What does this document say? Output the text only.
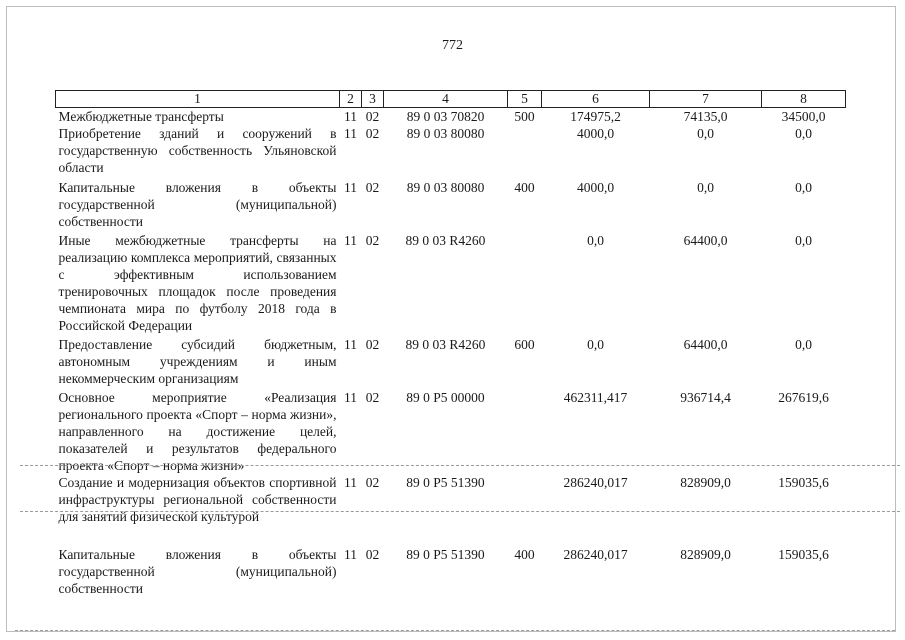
772
1	2	3	4	5	6	7	8
Межбюджетные трансферты	11	02	89 0 03 70820	500	174975,2	74135,0	34500,0
Приобретение зданий и сооружений в государственную собственность Ульяновской области	11	02	89 0 03 80080		4000,0	0,0	0,0
Капитальные вложения в объекты государственной (муниципальной) собственности	11	02	89 0 03 80080	400	4000,0	0,0	0,0
Иные межбюджетные трансферты на реализацию комплекса мероприятий, связанных с эффективным использованием тренировочных площадок после проведения чемпионата мира по футболу 2018 года в Российской Федерации	11	02	89 0 03 R4260		0,0	64400,0	0,0
Предоставление субсидий бюджетным, автономным учреждениям и иным некоммерческим организациям	11	02	89 0 03 R4260	600	0,0	64400,0	0,0
Основное мероприятие «Реализация регионального проекта «Спорт – норма жизни», направленного на достижение целей, показателей и результатов федерального проекта «Спорт – норма жизни»	11	02	89 0 P5 00000		462311,417	936714,4	267619,6
Создание и модернизация объектов спортивной инфраструктуры региональной собственности для занятий физической культурой	11	02	89 0 P5 51390		286240,017	828909,0	159035,6
Капитальные вложения в объекты государственной (муниципальной) собственности	11	02	89 0 P5 51390	400	286240,017	828909,0	159035,6
